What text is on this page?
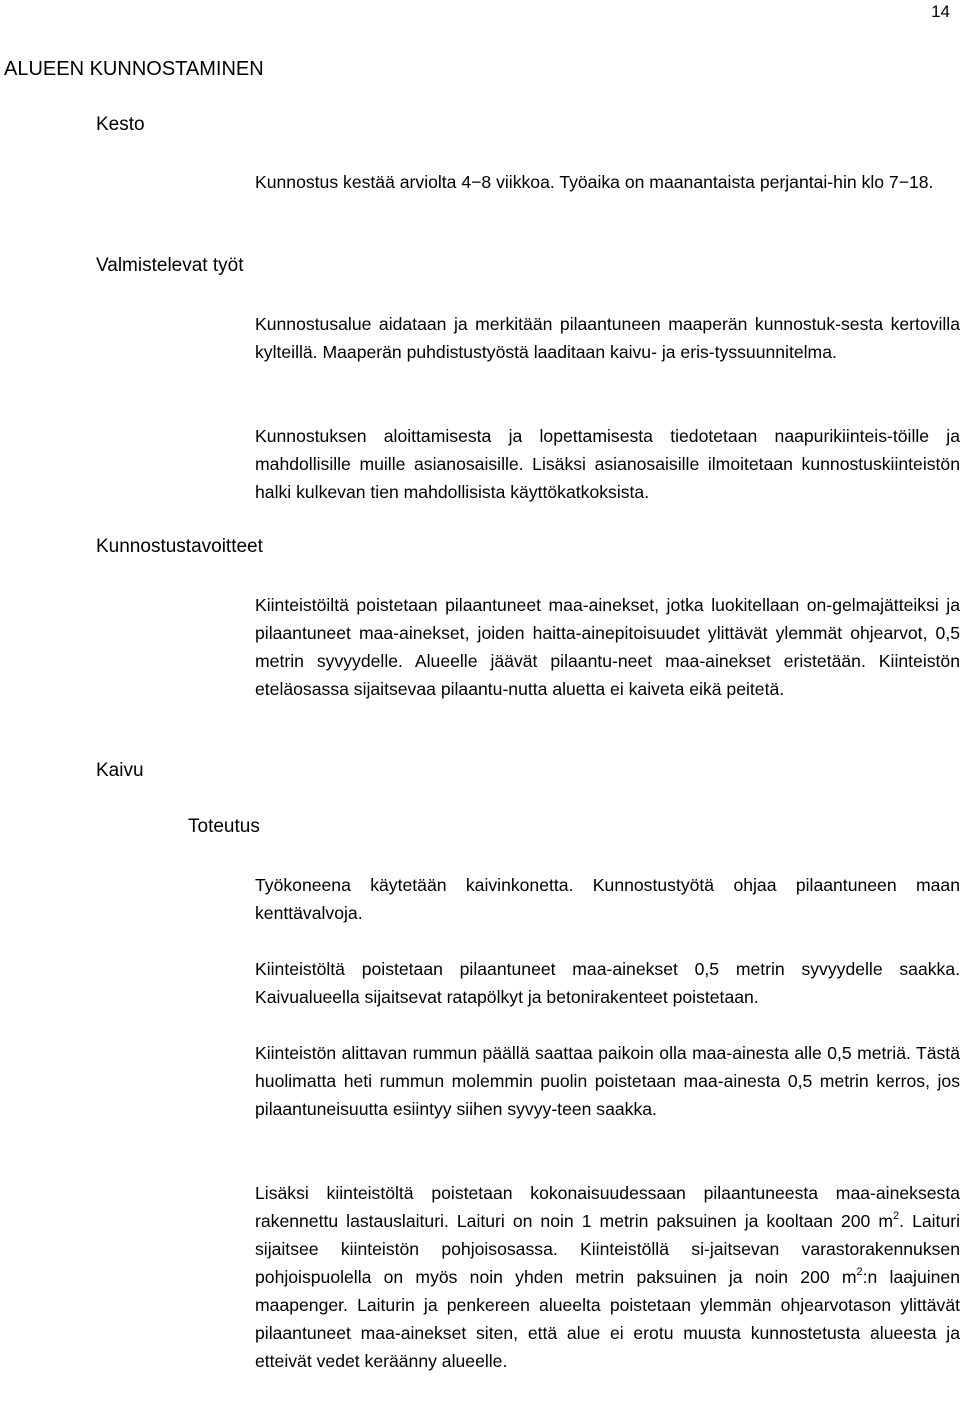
14
ALUEEN KUNNOSTAMINEN
Kesto

Kunnostus kestää arviolta 4−8 viikkoa. Työaika on maanantaista perjantai-hin klo 7−18.

Valmistelevat työt

Kunnostusalue aidataan ja merkitään pilaantuneen maaperän kunnostuk-sesta kertovilla kylteillä. Maaperän puhdistustyöstä laaditaan kaivu- ja eris-tyssuunnitelma.

Kunnostuksen aloittamisesta ja lopettamisesta tiedotetaan naapurikiinteis-töille ja mahdollisille muille asianosaisille. Lisäksi asianosaisille ilmoitetaan kunnostuskiinteistön halki kulkevan tien mahdollisista käyttökatkoksista.

Kunnostustavoitteet

Kiinteistöiltä poistetaan pilaantuneet maa-ainekset, jotka luokitellaan on-gelmajätteiksi ja pilaantuneet maa-ainekset, joiden haitta-ainepitoisuudet ylittävät ylemmät ohjearvot, 0,5 metrin syvyydelle. Alueelle jäävät pilaantu-neet maa-ainekset eristetään. Kiinteistön eteläosassa sijaitsevaa pilaantu-nutta aluetta ei kaiveta eikä peitetä.

Kaivu
Toteutus

Työkoneena käytetään kaivinkonetta. Kunnostustyötä ohjaa pilaantuneen maan kenttävalvoja.

Kiinteistöltä poistetaan pilaantuneet maa-ainekset 0,5 metrin syvyydelle saakka. Kaivualueella sijaitsevat ratapölkyt ja betonirakenteet poistetaan.

Kiinteistön alittavan rummun päällä saattaa paikoin olla maa-ainesta alle 0,5 metriä. Tästä huolimatta heti rummun molemmin puolin poistetaan maa-ainesta 0,5 metrin kerros, jos pilaantuneisuutta esiintyy siihen syvyy-teen saakka.

Lisäksi kiinteistöltä poistetaan kokonaisuudessaan pilaantuneesta maa-aineksesta rakennettu lastauslaituri. Laituri on noin 1 metrin paksuinen ja kooltaan 200 $m^2$. Laituri sijaitsee kiinteistön pohjoisosassa. Kiinteistöllä si-jaitsevan varastorakennuksen pohjoispuolella on myös noin yhden metrin paksuinen ja noin 200 $m^2:n$ laajuinen maapenger. Laiturin ja penkereen alueelta poistetaan ylemmän ohjearvotason ylittävät pilaantuneet maa-ainekset siten, että alue ei erotu muusta kunnostetusta alueesta ja etteivät vedet keräänny alueelle.
